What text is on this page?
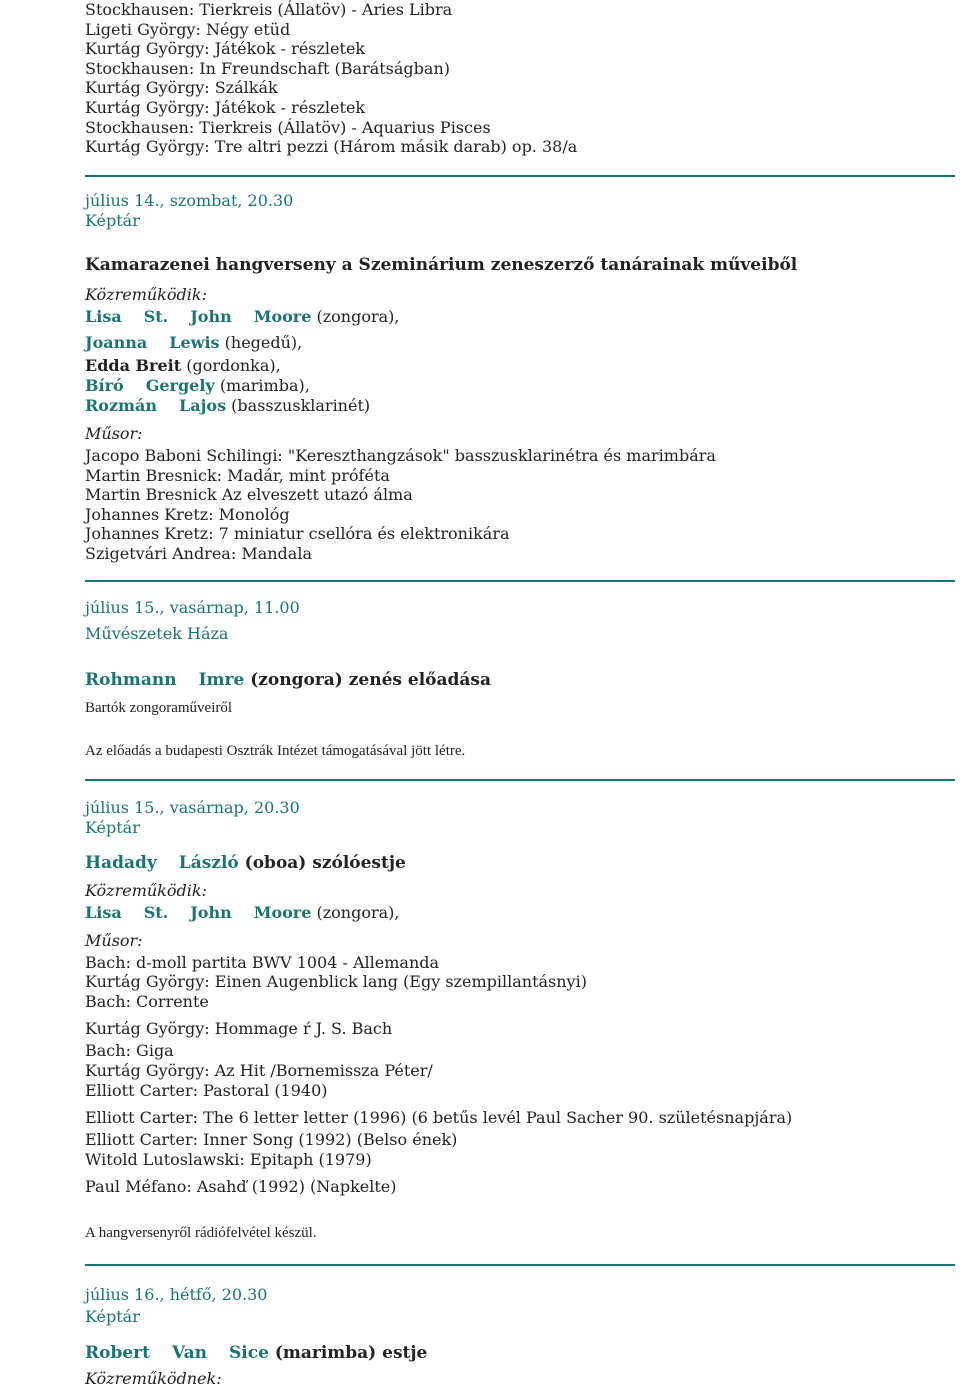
Stockhausen: Tierkreis (Állatöv) - Aries Libra
Ligeti György: Négy etüd
Kurtág György: Játékok - részletek
Stockhausen: In Freundschaft (Barátságban)
Kurtág György: Szálkák
Kurtág György: Játékok - részletek
Stockhausen: Tierkreis (Állatöv) - Aquarius Pisces
Kurtág György: Tre altri pezzi (Három másik darab) op. 38/a
július 14., szombat, 20.30
Képtár
Kamarazenei hangverseny a Szeminárium zeneszerző tanárainak műveiből
Közreműködik:
Lisa St. John Moore (zongora),
Joanna Lewis (hegedű),
Edda Breit (gordonka),
Bíró Gergely (marimba),
Rozmán Lajos (basszusklarinét)
Műsor:
Jacopo Baboni Schilingi: "Kereszthangzások" basszusklarinétra és marimbára
Martin Bresnick: Madár, mint próféta
Martin Bresnick Az elveszett utazó álma
Johannes Kretz: Monológ
Johannes Kretz: 7 miniatur csellóra és elektronikára
Szigetvári Andrea: Mandala
július 15., vasárnap, 11.00
Művészetek Háza
Rohmann Imre (zongora) zenés előadása
Bartók zongoraműveiről
Az előadás a budapesti Osztrák Intézet támogatásával jött létre.
július 15., vasárnap, 20.30
Képtár
Hadady László (oboa) szólóestje
Közreműködik:
Lisa St. John Moore (zongora),
Műsor:
Bach: d-moll partita BWV 1004 - Allemanda
Kurtág György: Einen Augenblick lang (Egy szempillantásnyi)
Bach: Corrente
Kurtág György: Hommage ŕ J. S. Bach
Bach: Giga
Kurtág György: Az Hit /Bornemissza Péter/
Elliott Carter: Pastoral (1940)
Elliott Carter: The 6 letter letter (1996) (6 betűs levél Paul Sacher 90. születésnapjára)
Elliott Carter: Inner Song (1992) (Belso ének)
Witold Lutoslawski: Epitaph (1979)
Paul Méfano: Asahď (1992) (Napkelte)
A hangversenyről rádiófelvétel készül.
július 16., hétfő, 20.30
Képtár
Robert Van Sice (marimba) estje
Közreműködnek:
